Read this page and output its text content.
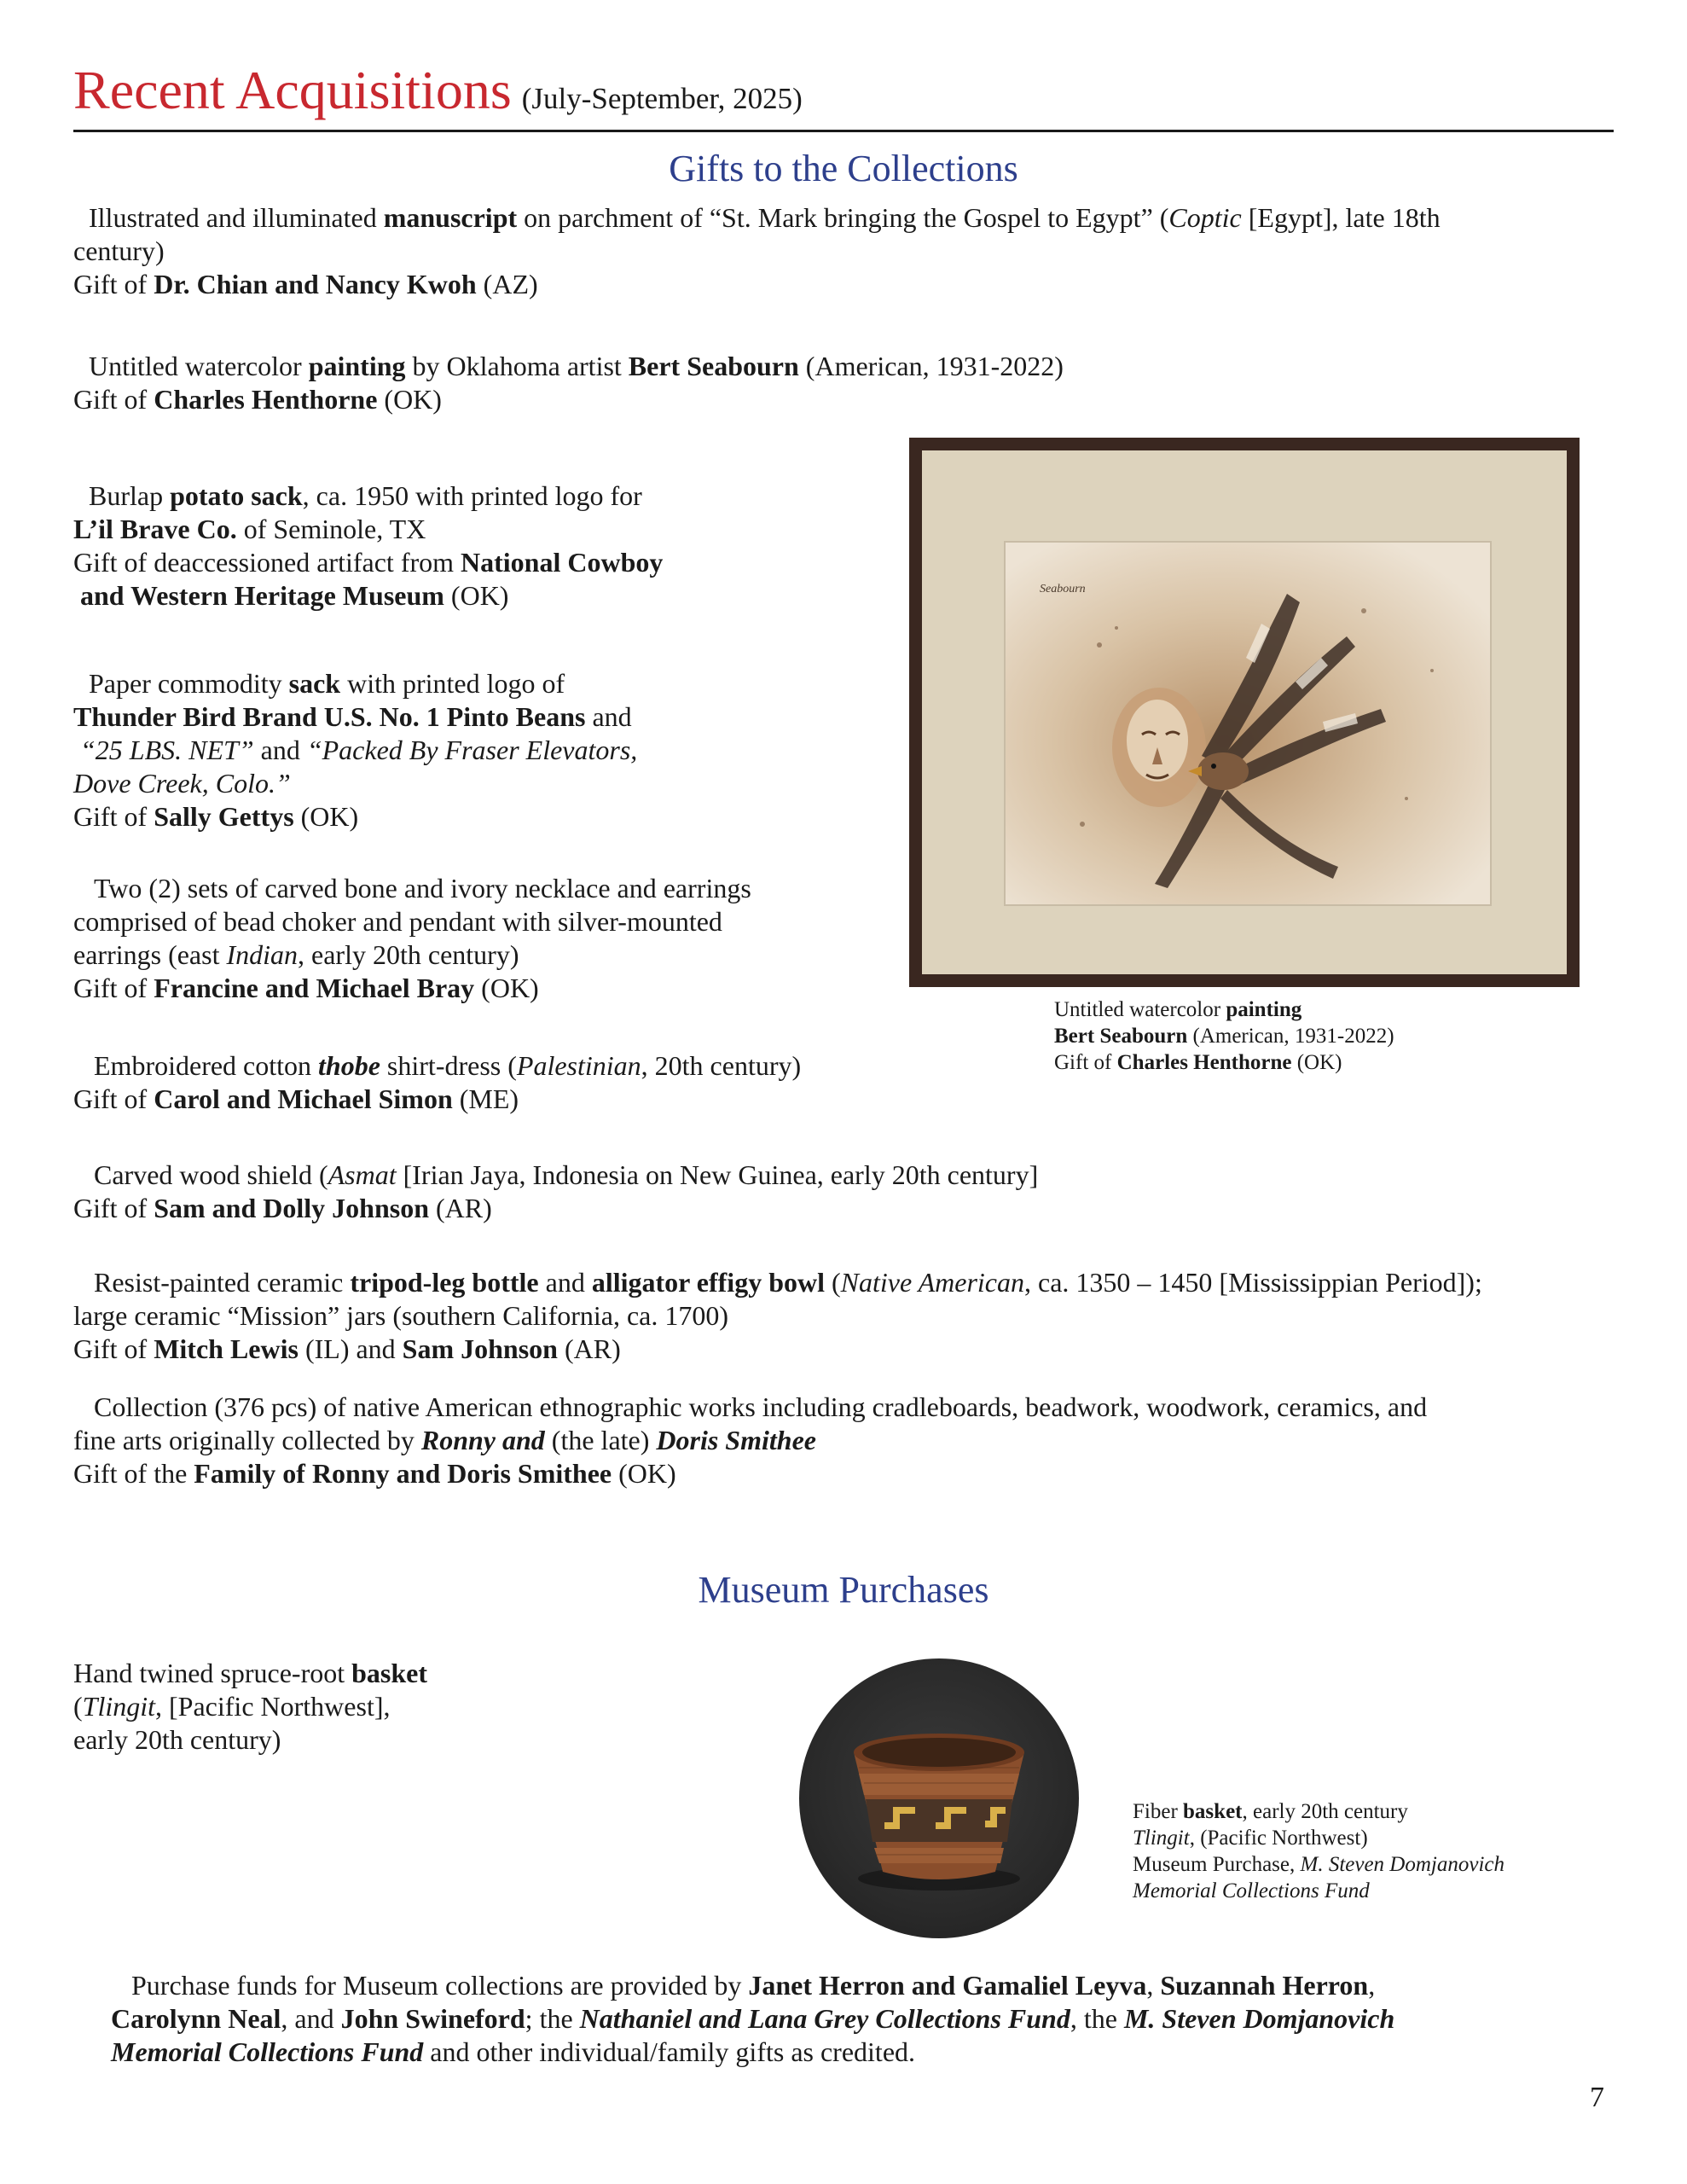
Recent Acquisitions (July-September, 2025)
Gifts to the Collections
Illustrated and illuminated manuscript on parchment of “St. Mark bringing the Gospel to Egypt” (Coptic [Egypt], late 18th
century)
Gift of Dr. Chian and Nancy Kwoh (AZ)
Untitled watercolor painting by Oklahoma artist Bert Seabourn (American, 1931-2022)
Gift of Charles Henthorne (OK)
Burlap potato sack, ca. 1950 with printed logo for
L’il Brave Co. of Seminole, TX
Gift of deaccessioned artifact from National Cowboy
and Western Heritage Museum (OK)
Paper commodity sack with printed logo of
Thunder Bird Brand U.S. No. 1 Pinto Beans and
“25 LBS. NET” and “Packed By Fraser Elevators,
Dove Creek, Colo.”
Gift of Sally Gettys (OK)
Two (2) sets of carved bone and ivory necklace and earrings
comprised of bead choker and pendant with silver-mounted
earrings (east Indian, early 20th century)
Gift of Francine and Michael Bray (OK)
Embroidered cotton thobe shirt-dress (Palestinian, 20th century)
Gift of Carol and Michael Simon (ME)
Carved wood shield (Asmat [Irian Jaya, Indonesia on New Guinea, early 20th century]
Gift of Sam and Dolly Johnson (AR)
Resist-painted ceramic tripod-leg bottle and alligator effigy bowl (Native American, ca. 1350 – 1450 [Mississippian Period]);
large ceramic “Mission” jars (southern California, ca. 1700)
Gift of Mitch Lewis (IL) and Sam Johnson (AR)
Collection (376 pcs) of native American ethnographic works including cradleboards, beadwork, woodwork, ceramics, and
fine arts originally collected by Ronny and (the late) Doris Smithee
Gift of the Family of Ronny and Doris Smithee (OK)
Seabourn
Untitled watercolor painting
Bert Seabourn (American, 1931-2022)
Gift of Charles Henthorne (OK)
Museum Purchases
Hand twined spruce-root basket
(Tlingit, [Pacific Northwest],
early 20th century)
Fiber basket, early 20th century
Tlingit, (Pacific Northwest)
Museum Purchase, M. Steven Domjanovich
Memorial Collections Fund
Purchase funds for Museum collections are provided by Janet Herron and Gamaliel Leyva, Suzannah Herron,
Carolynn Neal, and John Swineford; the Nathaniel and Lana Grey Collections Fund, the M. Steven Domjanovich
Memorial Collections Fund and other individual/family gifts as credited.
7
